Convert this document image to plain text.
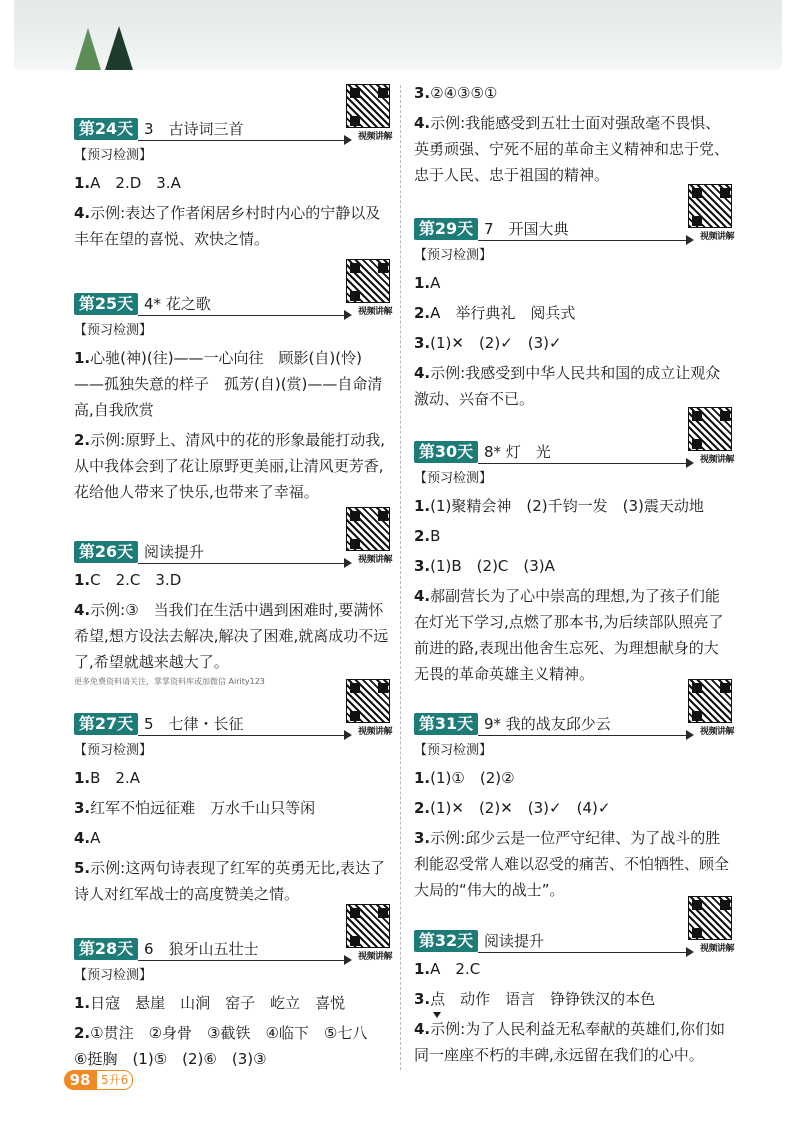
第24天 3　古诗词三首	视频讲解
【预习检测】
1.A　2.D　3.A
4.示例:表达了作者闲居乡村时内心的宁静以及丰年在望的喜悦、欢快之情。
第25天 4* 花之歌	视频讲解
【预习检测】
1.心驰(神)(往)——一心向往　顾影(自)(怜)——孤独失意的样子　孤芳(自)(赏)——自命清高,自我欣赏
2.示例:原野上、清风中的花的形象最能打动我,从中我体会到了花让原野更美丽,让清风更芳香,花给他人带来了快乐,也带来了幸福。
第26天 阅读提升	视频讲解
1.C　2.C　3.D
4.示例:③　当我们在生活中遇到困难时,要满怀希望,想方设法去解决,解决了困难,就离成功不远了,希望就越来越大了。
更多免费资料请关注，掌掌资料库或加微信 Airity123
第27天 5　七律・长征	视频讲解
【预习检测】
1.B　2.A
3.红军不怕远征难　万水千山只等闲
4.A
5.示例:这两句诗表现了红军的英勇无比,表达了诗人对红军战士的高度赞美之情。
第28天 6　狼牙山五壮士	视频讲解
【预习检测】
1.日寇　悬崖　山涧　窑子　屹立　喜悦
2.①贯注　②身骨　③截铁　④临下　⑤七八　⑥挺胸　(1)⑤　(2)⑥　(3)③
3.②④③⑤①
4.示例:我能感受到五壮士面对强敌毫不畏惧、英勇顽强、宁死不屈的革命主义精神和忠于党、忠于人民、忠于祖国的精神。
第29天 7　开国大典	视频讲解
【预习检测】
1.A
2.A　举行典礼　阅兵式
3.(1)✕　(2)✓　(3)✓
4.示例:我感受到中华人民共和国的成立让观众激动、兴奋不已。
第30天 8* 灯　光	视频讲解
【预习检测】
1.(1)聚精会神　(2)千钧一发　(3)震天动地
2.B
3.(1)B　(2)C　(3)A
4.郝副营长为了心中崇高的理想,为了孩子们能在灯光下学习,点燃了那本书,为后续部队照亮了前进的路,表现出他舍生忘死、为理想献身的大无畏的革命英雄主义精神。
第31天 9* 我的战友邱少云	视频讲解
【预习检测】
1.(1)①　(2)②
2.(1)✕　(2)✕　(3)✓　(4)✓
3.示例:邱少云是一位严守纪律、为了战斗的胜利能忍受常人难以忍受的痛苦、不怕牺牲、顾全大局的“伟大的战士”。
第32天 阅读提升	视频讲解
1.A　2.C
3.点　动作　语言　铮铮铁汉的本色
4.示例:为了人民利益无私奉献的英雄们,你们如同一座座不朽的丰碑,永远留在我们的心中。
98 5升6
